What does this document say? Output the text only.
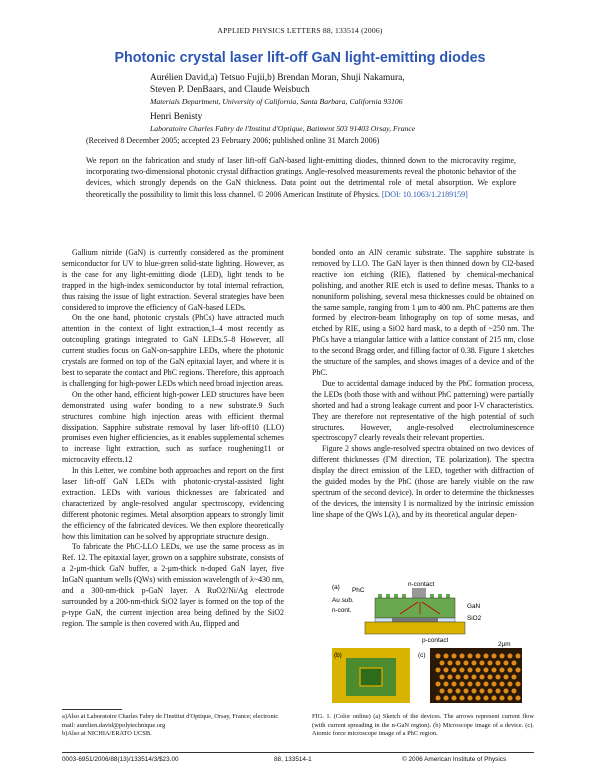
APPLIED PHYSICS LETTERS 88, 133514 (2006)
Photonic crystal laser lift-off GaN light-emitting diodes
Aurélien David,a) Tetsuo Fujii,b) Brendan Moran, Shuji Nakamura,
Steven P. DenBaars, and Claude Weisbuch
Materials Department, University of California, Santa Barbara, California 93106
Henri Benisty
Laboratoire Charles Fabry de l'Institut d'Optique, Batiment 503 91403 Orsay, France
(Received 8 December 2005; accepted 23 February 2006; published online 31 March 2006)
We report on the fabrication and study of laser lift-off GaN-based light-emitting diodes, thinned down to the microcavity regime, incorporating two-dimensional photonic crystal diffraction gratings. Angle-resolved measurements reveal the photonic behavior of the devices, which strongly depends on the GaN thickness. Data point out the detrimental role of metal absorption. We explore theoretically the possibility to limit this loss channel. © 2006 American Institute of Physics. [DOI: 10.1063/1.2189159]

Gallium nitride (GaN) is currently considered as the prominent semiconductor for UV to blue-green solid-state lighting. However, as is the case for any light-emitting diode (LED), light tends to be trapped in the high-index semiconductor by total internal refraction, thus raising the issue of light extraction. Several strategies have been considered to improve the efficiency of GaN-based LEDs.

On the one hand, photonic crystals (PhCs) have attracted much attention in the context of light extraction,1–4 most recently as outcoupling gratings integrated to GaN LEDs.5–8 However, all current studies focus on GaN-on-sapphire LEDs, where the photonic crystals are formed on top of the GaN epitaxial layer, and where it is best to separate the contact and PhC regions. Therefore, this approach is challenging for high-power LEDs which need broad injection areas.

On the other hand, efficient high-power LED structures have been demonstrated using wafer bonding to a new substrate.9 Such structures combine high injection areas with efficient thermal dissipation. Sapphire substrate removal by laser lift-off10 (LLO) promises even higher efficiencies, as it enables supplemental schemes to increase light extraction, such as surface roughening11 or microcavity effects.12

In this Letter, we combine both approaches and report on the first laser lift-off GaN LEDs with photonic-crystal-assisted light extraction. LEDs with various thicknesses are fabricated and characterized by angle-resolved angular spectroscopy, evidencing different photonic regimes. Metal absorption appears to strongly limit the efficiency of the fabricated devices. We then explore theoretically how this limitation can be solved by appropriate structure design.

To fabricate the PhC-LLO LEDs, we use the same process as in Ref. 12. The epitaxial layer, grown on a sapphire substrate, consists of a 2-μm-thick GaN buffer, a 2-μm-thick n-doped GaN layer, five InGaN quantum wells (QWs) with emission wavelength of λ~430 nm, and a 300-nm-thick p-GaN layer. A RuO2/Ni/Ag electrode surrounded by a 200-nm-thick SiO2 layer is formed on the top of the p-type GaN, the current injection area being defined by the SiO2 region. The sample is then covered with Au, flipped and

bonded onto an AlN ceramic substrate. The sapphire substrate is removed by LLO. The GaN layer is then thinned down by Cl2-based reactive ion etching (RIE), flattened by chemical-mechanical polishing, and another RIE etch is used to define mesas. Thanks to a nonuniform polishing, several mesa thicknesses could be obtained on the same sample, ranging from 1 μm to 400 nm. PhC patterns are then formed by electron-beam lithography on top of some mesas, and etched by RIE, using a SiO2 hard mask, to a depth of ~250 nm. The PhCs have a triangular lattice with a lattice constant of 215 nm, close to the second Bragg order, and filling factor of 0.38. Figure 1 sketches the structure of the samples, and shows images of a device and of the PhC.

Due to accidental damage induced by the PhC formation process, the LEDs (both those with and without PhC patterning) were partially shorted and had a strong leakage current and poor I-V characteristics. They are therefore not representative of the high potential of such structures. However, angle-resolved electroluminescence spectroscopy7 clearly reveals their relevant properties.

Figure 2 shows angle-resolved spectra obtained on two devices of different thicknesses (ΓM direction, TE polarization). The spectra display the direct emission of the LED, together with diffraction of the guided modes by the PhC (those are barely visible on the raw spectrum of the second device). In order to determine the thicknesses of the devices, the intensity I is normalized by the intrinsic emission line shape of the QWs L(λ), and by its theoretical angular depen-

(a) PhC
n-contact
Au sub.
n-cont.
GaN
SiO2
p-contact
(b)	(c)
2μm
FIG. 1. (Color online) (a) Sketch of the devices. The arrows represent current flow (with current spreading in the n-GaN region). (b) Microscope image of a device. (c). Atomic force microscope image of a PhC region.
a)Also at Laboratoire Charles Fabry de l'Institut d'Optique, Orsay, France; electronic mail: aurelien.david@polytechnique.org
b)Also at NICHIA/ERATO UCSB.
0003-6951/2006/88(13)/133514/3/$23.00	88, 133514-1	© 2006 American Institute of Physics
